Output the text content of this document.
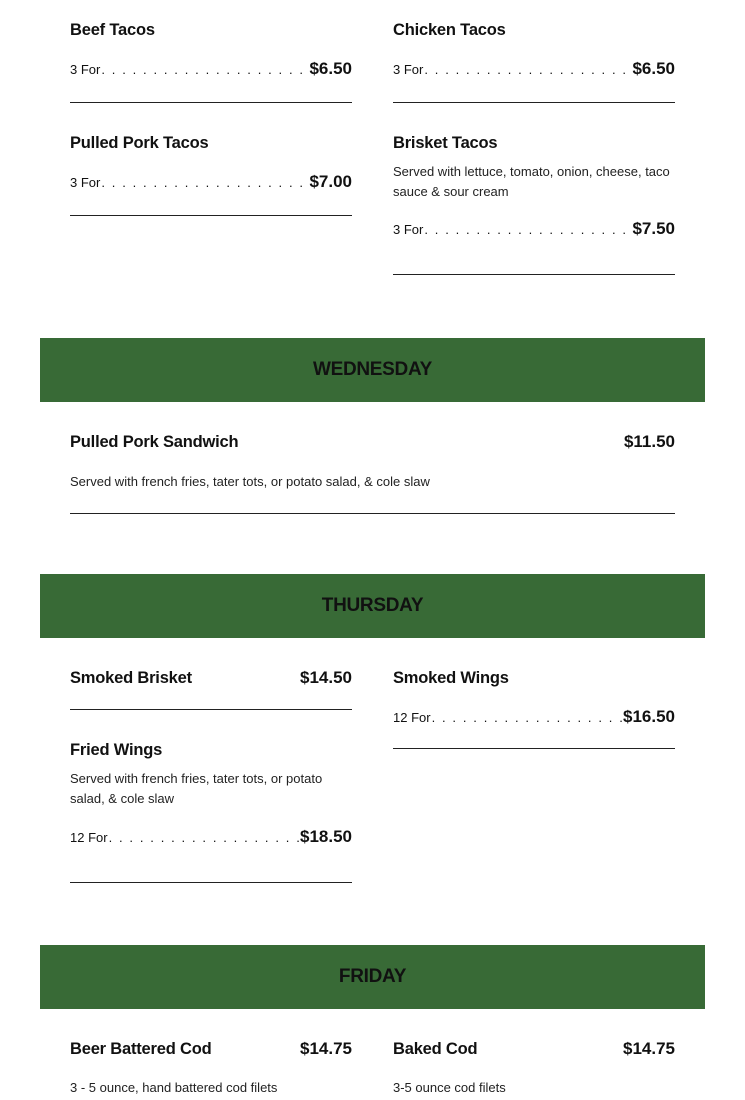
Beef Tacos
3 For . . .	$6.50
Pulled Pork Tacos
3 For . . .	$7.00
Chicken Tacos
3 For . . .	$6.50
Brisket Tacos
Served with lettuce, tomato, onion, cheese, taco sauce & sour cream
3 For . . .	$7.50
WEDNESDAY
Pulled Pork Sandwich	$11.50
Served with french fries, tater tots, or potato salad, & cole slaw
THURSDAY
Smoked Brisket	$14.50
Fried Wings
Served with french fries, tater tots, or potato salad, & cole slaw
12 For . . .	$18.50
Smoked Wings
12 For . . .	$16.50
FRIDAY
Beer Battered Cod	$14.75
3 - 5 ounce, hand battered cod filets
Baked Cod	$14.75
3-5 ounce cod filets
